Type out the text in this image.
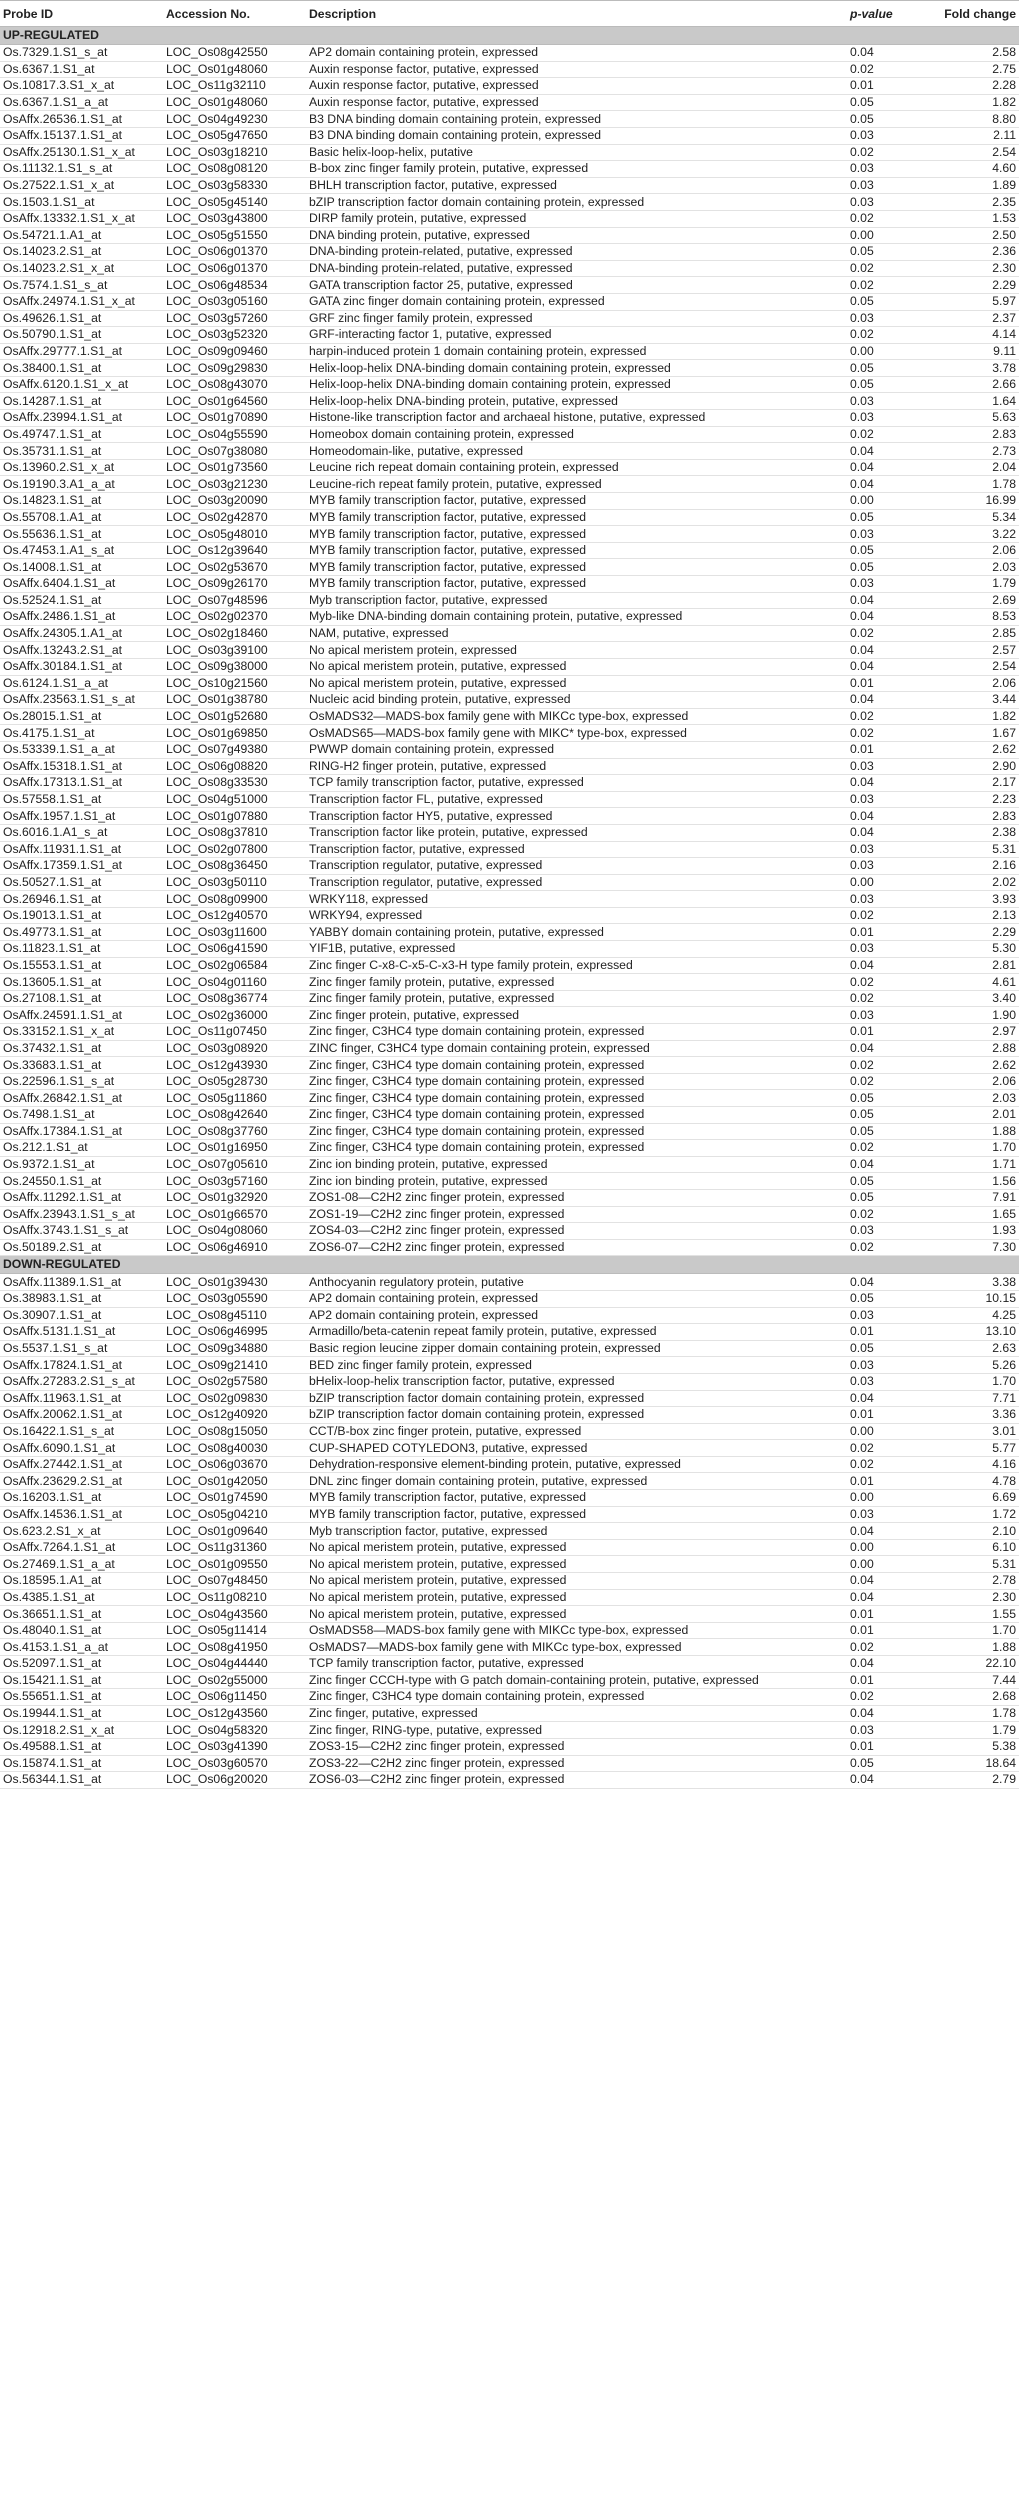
Probe ID	Accession No.	Description	p-value	Fold change
UP-REGULATED				
Os.7329.1.S1_s_at	LOC_Os08g42550	AP2 domain containing protein, expressed	0.04	2.58
Os.6367.1.S1_at	LOC_Os01g48060	Auxin response factor, putative, expressed	0.02	2.75
Os.10817.3.S1_x_at	LOC_Os11g32110	Auxin response factor, putative, expressed	0.01	2.28
Os.6367.1.S1_a_at	LOC_Os01g48060	Auxin response factor, putative, expressed	0.05	1.82
OsAffx.26536.1.S1_at	LOC_Os04g49230	B3 DNA binding domain containing protein, expressed	0.05	8.80
OsAffx.15137.1.S1_at	LOC_Os05g47650	B3 DNA binding domain containing protein, expressed	0.03	2.11
OsAffx.25130.1.S1_x_at	LOC_Os03g18210	Basic helix-loop-helix, putative	0.02	2.54
Os.11132.1.S1_s_at	LOC_Os08g08120	B-box zinc finger family protein, putative, expressed	0.03	4.60
Os.27522.1.S1_x_at	LOC_Os03g58330	BHLH transcription factor, putative, expressed	0.03	1.89
Os.1503.1.S1_at	LOC_Os05g45140	bZIP transcription factor domain containing protein, expressed	0.03	2.35
OsAffx.13332.1.S1_x_at	LOC_Os03g43800	DIRP family protein, putative, expressed	0.02	1.53
Os.54721.1.A1_at	LOC_Os05g51550	DNA binding protein, putative, expressed	0.00	2.50
Os.14023.2.S1_at	LOC_Os06g01370	DNA-binding protein-related, putative, expressed	0.05	2.36
Os.14023.2.S1_x_at	LOC_Os06g01370	DNA-binding protein-related, putative, expressed	0.02	2.30
Os.7574.1.S1_s_at	LOC_Os06g48534	GATA transcription factor 25, putative, expressed	0.02	2.29
OsAffx.24974.1.S1_x_at	LOC_Os03g05160	GATA zinc finger domain containing protein, expressed	0.05	5.97
Os.49626.1.S1_at	LOC_Os03g57260	GRF zinc finger family protein, expressed	0.03	2.37
Os.50790.1.S1_at	LOC_Os03g52320	GRF-interacting factor 1, putative, expressed	0.02	4.14
OsAffx.29777.1.S1_at	LOC_Os09g09460	harpin-induced protein 1 domain containing protein, expressed	0.00	9.11
Os.38400.1.S1_at	LOC_Os09g29830	Helix-loop-helix DNA-binding domain containing protein, expressed	0.05	3.78
OsAffx.6120.1.S1_x_at	LOC_Os08g43070	Helix-loop-helix DNA-binding domain containing protein, expressed	0.05	2.66
Os.14287.1.S1_at	LOC_Os01g64560	Helix-loop-helix DNA-binding protein, putative, expressed	0.03	1.64
OsAffx.23994.1.S1_at	LOC_Os01g70890	Histone-like transcription factor and archaeal histone, putative, expressed	0.03	5.63
Os.49747.1.S1_at	LOC_Os04g55590	Homeobox domain containing protein, expressed	0.02	2.83
Os.35731.1.S1_at	LOC_Os07g38080	Homeodomain-like, putative, expressed	0.04	2.73
Os.13960.2.S1_x_at	LOC_Os01g73560	Leucine rich repeat domain containing protein, expressed	0.04	2.04
Os.19190.3.A1_a_at	LOC_Os03g21230	Leucine-rich repeat family protein, putative, expressed	0.04	1.78
Os.14823.1.S1_at	LOC_Os03g20090	MYB family transcription factor, putative, expressed	0.00	16.99
Os.55708.1.A1_at	LOC_Os02g42870	MYB family transcription factor, putative, expressed	0.05	5.34
Os.55636.1.S1_at	LOC_Os05g48010	MYB family transcription factor, putative, expressed	0.03	3.22
Os.47453.1.A1_s_at	LOC_Os12g39640	MYB family transcription factor, putative, expressed	0.05	2.06
Os.14008.1.S1_at	LOC_Os02g53670	MYB family transcription factor, putative, expressed	0.05	2.03
OsAffx.6404.1.S1_at	LOC_Os09g26170	MYB family transcription factor, putative, expressed	0.03	1.79
Os.52524.1.S1_at	LOC_Os07g48596	Myb transcription factor, putative, expressed	0.04	2.69
OsAffx.2486.1.S1_at	LOC_Os02g02370	Myb-like DNA-binding domain containing protein, putative, expressed	0.04	8.53
OsAffx.24305.1.A1_at	LOC_Os02g18460	NAM, putative, expressed	0.02	2.85
OsAffx.13243.2.S1_at	LOC_Os03g39100	No apical meristem protein, expressed	0.04	2.57
OsAffx.30184.1.S1_at	LOC_Os09g38000	No apical meristem protein, putative, expressed	0.04	2.54
Os.6124.1.S1_a_at	LOC_Os10g21560	No apical meristem protein, putative, expressed	0.01	2.06
OsAffx.23563.1.S1_s_at	LOC_Os01g38780	Nucleic acid binding protein, putative, expressed	0.04	3.44
Os.28015.1.S1_at	LOC_Os01g52680	OsMADS32—MADS-box family gene with MIKCc type-box, expressed	0.02	1.82
Os.4175.1.S1_at	LOC_Os01g69850	OsMADS65—MADS-box family gene with MIKC* type-box, expressed	0.02	1.67
Os.53339.1.S1_a_at	LOC_Os07g49380	PWWP domain containing protein, expressed	0.01	2.62
OsAffx.15318.1.S1_at	LOC_Os06g08820	RING-H2 finger protein, putative, expressed	0.03	2.90
OsAffx.17313.1.S1_at	LOC_Os08g33530	TCP family transcription factor, putative, expressed	0.04	2.17
Os.57558.1.S1_at	LOC_Os04g51000	Transcription factor FL, putative, expressed	0.03	2.23
OsAffx.1957.1.S1_at	LOC_Os01g07880	Transcription factor HY5, putative, expressed	0.04	2.83
Os.6016.1.A1_s_at	LOC_Os08g37810	Transcription factor like protein, putative, expressed	0.04	2.38
OsAffx.11931.1.S1_at	LOC_Os02g07800	Transcription factor, putative, expressed	0.03	5.31
OsAffx.17359.1.S1_at	LOC_Os08g36450	Transcription regulator, putative, expressed	0.03	2.16
Os.50527.1.S1_at	LOC_Os03g50110	Transcription regulator, putative, expressed	0.00	2.02
Os.26946.1.S1_at	LOC_Os08g09900	WRKY118, expressed	0.03	3.93
Os.19013.1.S1_at	LOC_Os12g40570	WRKY94, expressed	0.02	2.13
Os.49773.1.S1_at	LOC_Os03g11600	YABBY domain containing protein, putative, expressed	0.01	2.29
Os.11823.1.S1_at	LOC_Os06g41590	YIF1B, putative, expressed	0.03	5.30
Os.15553.1.S1_at	LOC_Os02g06584	Zinc finger C-x8-C-x5-C-x3-H type family protein, expressed	0.04	2.81
Os.13605.1.S1_at	LOC_Os04g01160	Zinc finger family protein, putative, expressed	0.02	4.61
Os.27108.1.S1_at	LOC_Os08g36774	Zinc finger family protein, putative, expressed	0.02	3.40
OsAffx.24591.1.S1_at	LOC_Os02g36000	Zinc finger protein, putative, expressed	0.03	1.90
Os.33152.1.S1_x_at	LOC_Os11g07450	Zinc finger, C3HC4 type domain containing protein, expressed	0.01	2.97
Os.37432.1.S1_at	LOC_Os03g08920	ZINC finger, C3HC4 type domain containing protein, expressed	0.04	2.88
Os.33683.1.S1_at	LOC_Os12g43930	Zinc finger, C3HC4 type domain containing protein, expressed	0.02	2.62
Os.22596.1.S1_s_at	LOC_Os05g28730	Zinc finger, C3HC4 type domain containing protein, expressed	0.02	2.06
OsAffx.26842.1.S1_at	LOC_Os05g11860	Zinc finger, C3HC4 type domain containing protein, expressed	0.05	2.03
Os.7498.1.S1_at	LOC_Os08g42640	Zinc finger, C3HC4 type domain containing protein, expressed	0.05	2.01
OsAffx.17384.1.S1_at	LOC_Os08g37760	Zinc finger, C3HC4 type domain containing protein, expressed	0.05	1.88
Os.212.1.S1_at	LOC_Os01g16950	Zinc finger, C3HC4 type domain containing protein, expressed	0.02	1.70
Os.9372.1.S1_at	LOC_Os07g05610	Zinc ion binding protein, putative, expressed	0.04	1.71
Os.24550.1.S1_at	LOC_Os03g57160	Zinc ion binding protein, putative, expressed	0.05	1.56
OsAffx.11292.1.S1_at	LOC_Os01g32920	ZOS1-08—C2H2 zinc finger protein, expressed	0.05	7.91
OsAffx.23943.1.S1_s_at	LOC_Os01g66570	ZOS1-19—C2H2 zinc finger protein, expressed	0.02	1.65
OsAffx.3743.1.S1_s_at	LOC_Os04g08060	ZOS4-03—C2H2 zinc finger protein, expressed	0.03	1.93
Os.50189.2.S1_at	LOC_Os06g46910	ZOS6-07—C2H2 zinc finger protein, expressed	0.02	7.30
DOWN-REGULATED				
OsAffx.11389.1.S1_at	LOC_Os01g39430	Anthocyanin regulatory protein, putative	0.04	3.38
Os.38983.1.S1_at	LOC_Os03g05590	AP2 domain containing protein, expressed	0.05	10.15
Os.30907.1.S1_at	LOC_Os08g45110	AP2 domain containing protein, expressed	0.03	4.25
OsAffx.5131.1.S1_at	LOC_Os06g46995	Armadillo/beta-catenin repeat family protein, putative, expressed	0.01	13.10
Os.5537.1.S1_s_at	LOC_Os09g34880	Basic region leucine zipper domain containing protein, expressed	0.05	2.63
OsAffx.17824.1.S1_at	LOC_Os09g21410	BED zinc finger family protein, expressed	0.03	5.26
OsAffx.27283.2.S1_s_at	LOC_Os02g57580	bHelix-loop-helix transcription factor, putative, expressed	0.03	1.70
OsAffx.11963.1.S1_at	LOC_Os02g09830	bZIP transcription factor domain containing protein, expressed	0.04	7.71
OsAffx.20062.1.S1_at	LOC_Os12g40920	bZIP transcription factor domain containing protein, expressed	0.01	3.36
Os.16422.1.S1_s_at	LOC_Os08g15050	CCT/B-box zinc finger protein, putative, expressed	0.00	3.01
OsAffx.6090.1.S1_at	LOC_Os08g40030	CUP-SHAPED COTYLEDON3, putative, expressed	0.02	5.77
OsAffx.27442.1.S1_at	LOC_Os06g03670	Dehydration-responsive element-binding protein, putative, expressed	0.02	4.16
OsAffx.23629.2.S1_at	LOC_Os01g42050	DNL zinc finger domain containing protein, putative, expressed	0.01	4.78
Os.16203.1.S1_at	LOC_Os01g74590	MYB family transcription factor, putative, expressed	0.00	6.69
OsAffx.14536.1.S1_at	LOC_Os05g04210	MYB family transcription factor, putative, expressed	0.03	1.72
Os.623.2.S1_x_at	LOC_Os01g09640	Myb transcription factor, putative, expressed	0.04	2.10
OsAffx.7264.1.S1_at	LOC_Os11g31360	No apical meristem protein, putative, expressed	0.00	6.10
Os.27469.1.S1_a_at	LOC_Os01g09550	No apical meristem protein, putative, expressed	0.00	5.31
Os.18595.1.A1_at	LOC_Os07g48450	No apical meristem protein, putative, expressed	0.04	2.78
Os.4385.1.S1_at	LOC_Os11g08210	No apical meristem protein, putative, expressed	0.04	2.30
Os.36651.1.S1_at	LOC_Os04g43560	No apical meristem protein, putative, expressed	0.01	1.55
Os.48040.1.S1_at	LOC_Os05g11414	OsMADS58—MADS-box family gene with MIKCc type-box, expressed	0.01	1.70
Os.4153.1.S1_a_at	LOC_Os08g41950	OsMADS7—MADS-box family gene with MIKCc type-box, expressed	0.02	1.88
Os.52097.1.S1_at	LOC_Os04g44440	TCP family transcription factor, putative, expressed	0.04	22.10
Os.15421.1.S1_at	LOC_Os02g55000	Zinc finger CCCH-type with G patch domain-containing protein, putative, expressed	0.01	7.44
Os.55651.1.S1_at	LOC_Os06g11450	Zinc finger, C3HC4 type domain containing protein, expressed	0.02	2.68
Os.19944.1.S1_at	LOC_Os12g43560	Zinc finger, putative, expressed	0.04	1.78
Os.12918.2.S1_x_at	LOC_Os04g58320	Zinc finger, RING-type, putative, expressed	0.03	1.79
Os.49588.1.S1_at	LOC_Os03g41390	ZOS3-15—C2H2 zinc finger protein, expressed	0.01	5.38
Os.15874.1.S1_at	LOC_Os03g60570	ZOS3-22—C2H2 zinc finger protein, expressed	0.05	18.64
Os.56344.1.S1_at	LOC_Os06g20020	ZOS6-03—C2H2 zinc finger protein, expressed	0.04	2.79
